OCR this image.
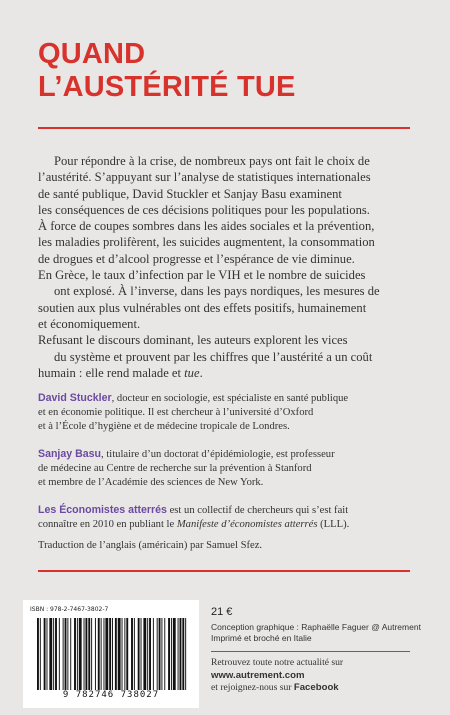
QUAND
L’AUSTÉRITÉ TUE

Pour répondre à la crise, de nombreux pays ont fait le choix de

l’austérité. S’appuyant sur l’analyse de statistiques internationales

de santé publique, David Stuckler et Sanjay Basu examinent

les conséquences de ces décisions politiques pour les populations.

À force de coupes sombres dans les aides sociales et la prévention,

les maladies prolifèrent, les suicides augmentent, la consommation

de drogues et d’alcool progresse et l’espérance de vie diminue.

En Grèce, le taux d’infection par le VIH et le nombre de suicides

ont explosé. À l’inverse, dans les pays nordiques, les mesures de

soutien aux plus vulnérables ont des effets positifs, humainement

et économiquement.

Refusant le discours dominant, les auteurs explorent les vices

du système et prouvent par les chiffres que l’austérité a un coût

humain : elle rend malade et tue.

David Stuckler, docteur en sociologie, est spécialiste en santé publique
et en économie politique. Il est chercheur à l’université d’Oxford
et à l’École d’hygiène et de médecine tropicale de Londres.

Sanjay Basu, titulaire d’un doctorat d’épidémiologie, est professeur
de médecine au Centre de recherche sur la prévention à Stanford
et membre de l’Académie des sciences de New York.

Les Économistes atterrés est un collectif de chercheurs qui s’est fait
connaître en 2010 en publiant le Manifeste d’économistes atterrés (LLL).

Traduction de l’anglais (américain) par Samuel Sfez.
ISBN : 978-2-7467-3802-7
9 782746 738027
21 €
Conception graphique : Raphaëlle Faguer @ Autrement
Imprimé et broché en Italie
Retrouvez toute notre actualité sur
www.autrement.com
et rejoignez-nous sur Facebook
